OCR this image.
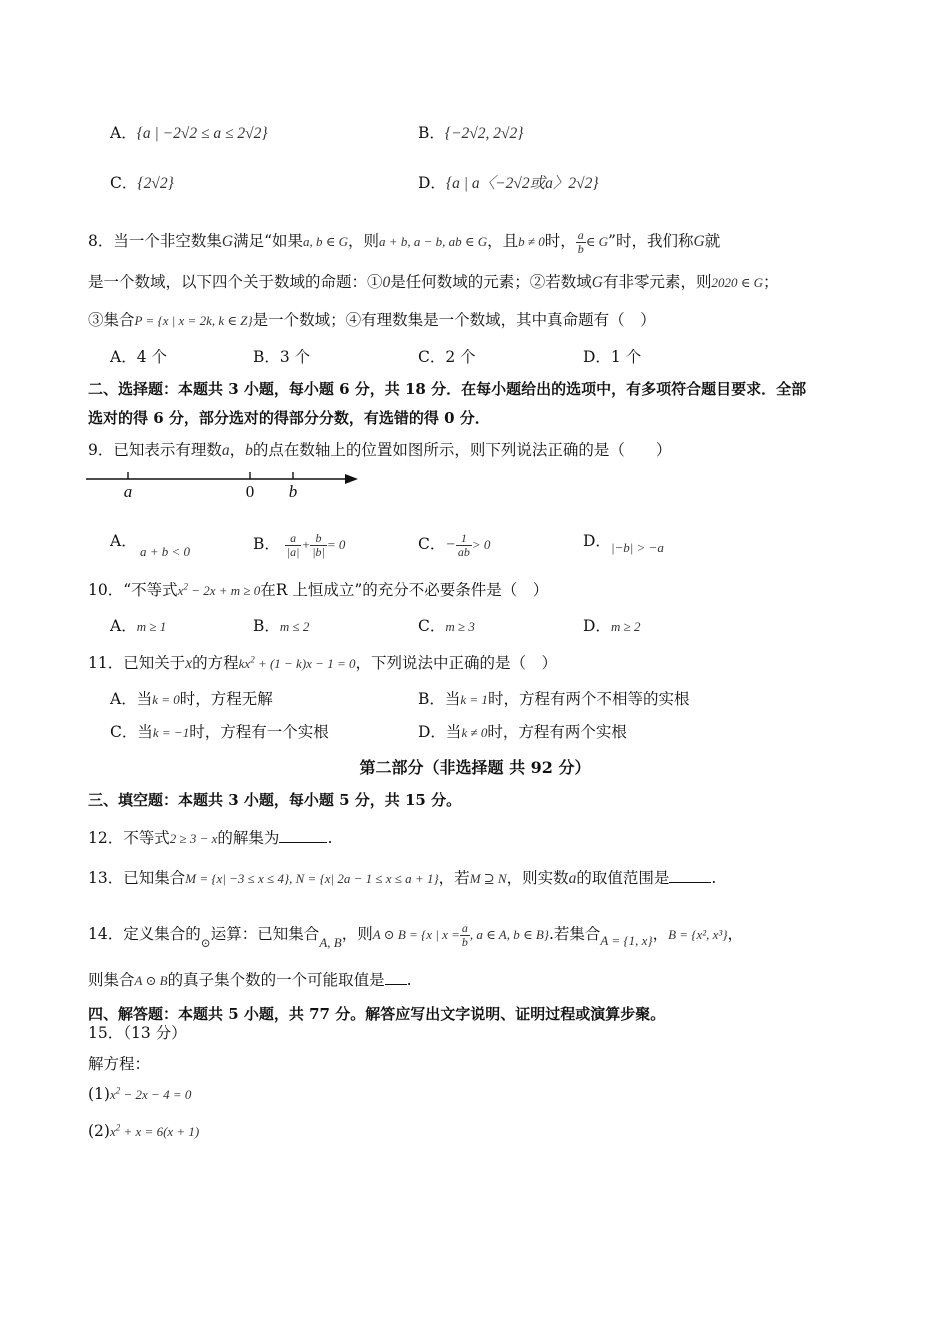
A．{a | −2√2 ≤ a ≤ 2√2}	B．{−2√2, 2√2}
C．{2√2}	D．{a | a〈−2√2或a〉2√2}
8．当一个非空数集G满足“如果a, b ∈ G，则a + b, a − b, ab ∈ G，且b ≠ 0时， $\frac{a}{b}$ ∈ G”时，我们称G就
是一个数域，以下四个关于数域的命题：①0是任何数域的元素；②若数域G有非零元素，则2020 ∈ G；
③集合P = {x | x = 2k, k ∈ Z}是一个数域；④有理数集是一个数域，其中真命题有（　）
A．4 个	B．3 个	C．2 个	D．1 个
二、选择题：本题共 3 小题，每小题 6 分，共 18 分．在每小题给出的选项中，有多项符合题目要求．全部
选对的得 6 分，部分选对的得部分分数，有选错的得 0 分．
9．已知表示有理数a，b的点在数轴上的位置如图所示，则下列说法正确的是（　　）
a	0 b
A．
a + b < 0	B． $\frac{a}{|a|} + \frac{b}{|b|} = 0$	C．− $\frac{1}{ab} > 0$	D．$_{|-b| > -a}$
10．“不等式$x^2 - 2x + m \ge 0$在R 上恒成立”的充分不必要条件是（　）
A．m ≥ 1	B．m ≤ 2	C．m ≥ 3	D．m ≥ 2
11．已知关于x的方程$kx^2 + (1 - k)x - 1 = 0$，下列说法中正确的是（　）
A．当k = 0时，方程无解	B．当k = 1时，方程有两个不相等的实根
C．当k = −1时，方程有一个实根	D．当k ≠ 0时，方程有两个实根
第二部分（非选择题 共 92 分）
三、填空题：本题共 3 小题，每小题 5 分，共 15 分。
12．不等式2 ≥ 3 − x的解集为	.
13．已知集合M = {x| −3 ≤ x ≤ 4}, N = {x| 2a − 1 ≤ x ≤ a + 1}，若M ⊇ N，则实数a的取值范围是	.
14．定义集合的$_⊙$运算：已知集合$_{A, B}$，则A ⊙ B = {x | $x = \frac{a}{b}$ , a ∈ A, b ∈ B}.若集合$_{A = \{1, x\}}$，B = {x², x³}，
则集合A ⊙ B的真子集个数的一个可能取值是 .
四、解答题：本题共 5 小题，共 77 分。解答应写出文字说明、证明过程或演算步聚。
15．（13 分）
解方程：
$(1)x^2 - 2x - 4 = 0$
$(2)x^2 + x = 6(x + 1)$
